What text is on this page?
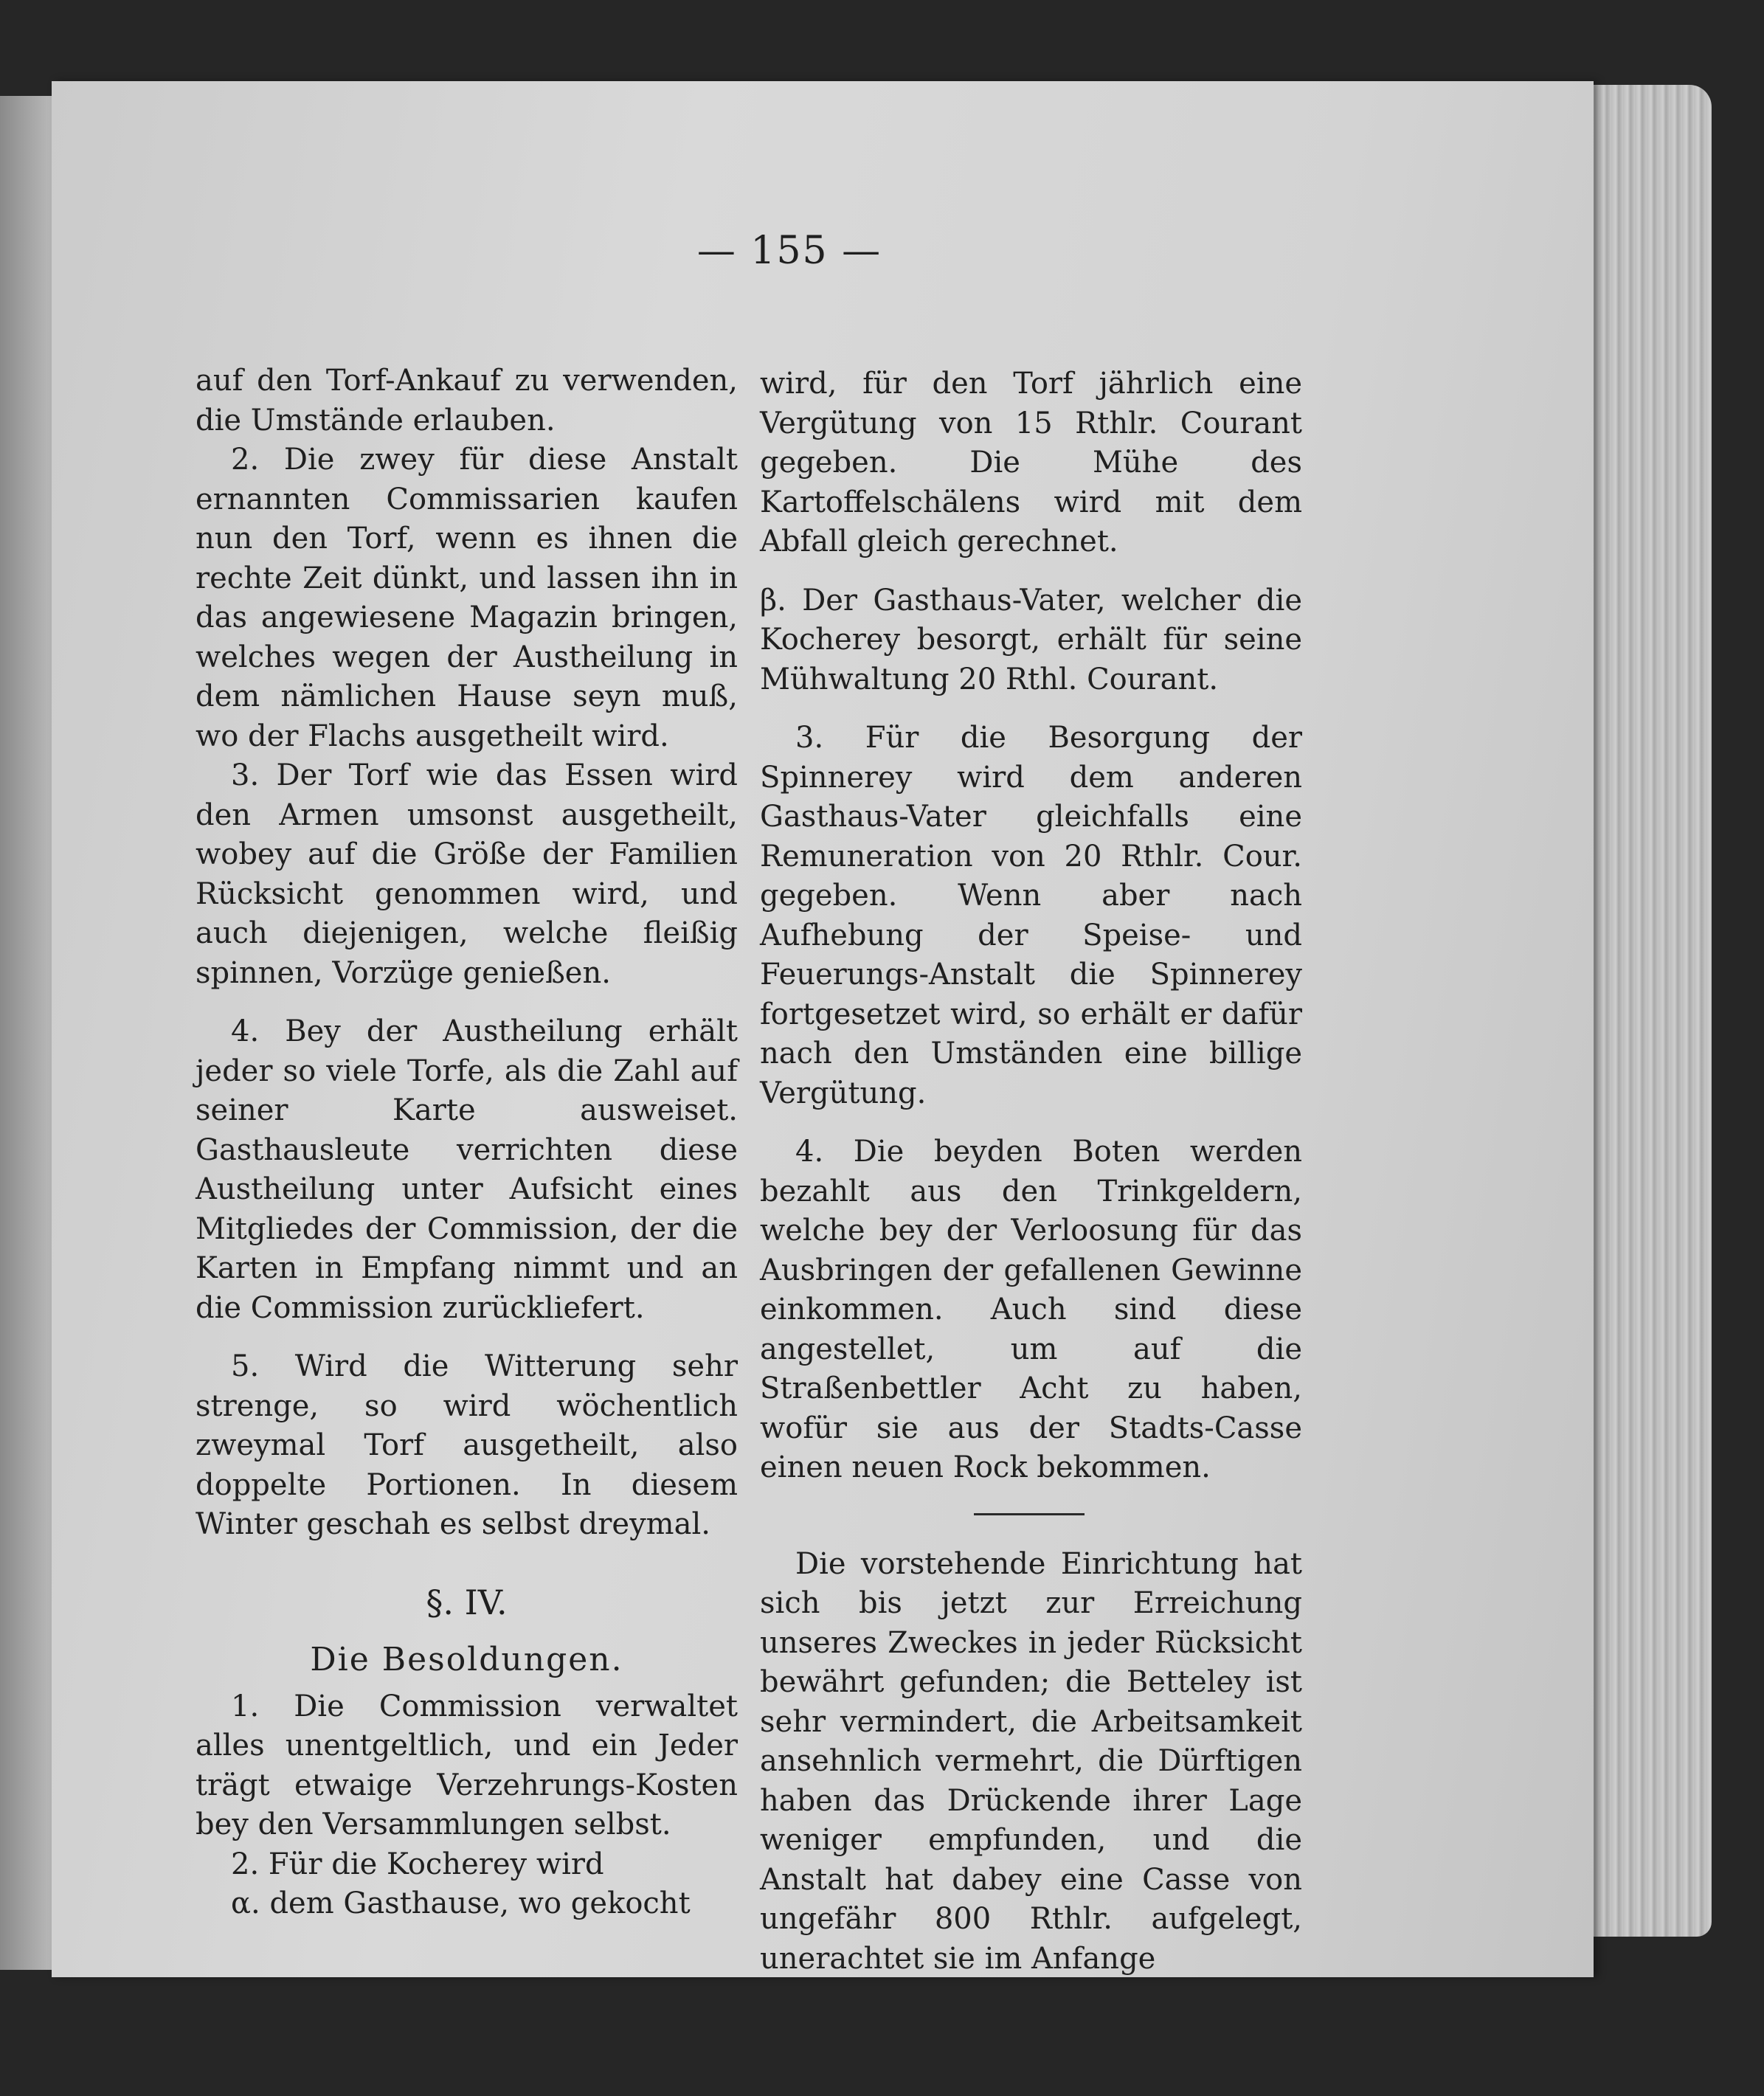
— 155 —

auf den Torf-Ankauf zu verwenden, die Umstände erlauben.

2. Die zwey für diese Anstalt ernannten Commissarien kaufen nun den Torf, wenn es ihnen die rechte Zeit dünkt, und lassen ihn in das angewiesene Magazin bringen, welches wegen der Austheilung in dem nämlichen Hause seyn muß, wo der Flachs ausgetheilt wird.

3. Der Torf wie das Essen wird den Armen umsonst ausgetheilt, wobey auf die Größe der Familien Rücksicht genommen wird, und auch diejenigen, welche fleißig spinnen, Vorzüge genießen.

4. Bey der Austheilung erhält jeder so viele Torfe, als die Zahl auf seiner Karte ausweiset. Gasthausleute verrichten diese Austheilung unter Aufsicht eines Mitgliedes der Commission, der die Karten in Empfang nimmt und an die Commission zurückliefert.

5. Wird die Witterung sehr strenge, so wird wöchentlich zweymal Torf ausgetheilt, also doppelte Portionen. In diesem Winter geschah es selbst dreymal.

§. IV.
Die Besoldungen.

1. Die Commission verwaltet alles unentgeltlich, und ein Jeder trägt etwaige Verzehrungs-Kosten bey den Versammlungen selbst.

2. Für die Kocherey wird

α. dem Gasthause, wo gekocht

wird, für den Torf jährlich eine Vergütung von 15 Rthlr. Courant gegeben. Die Mühe des Kartoffelschälens wird mit dem Abfall gleich gerechnet.

β. Der Gasthaus-Vater, welcher die Kocherey besorgt, erhält für seine Mühwaltung 20 Rthl. Courant.

3. Für die Besorgung der Spinnerey wird dem anderen Gasthaus-Vater gleichfalls eine Remuneration von 20 Rthlr. Cour. gegeben. Wenn aber nach Aufhebung der Speise- und Feuerungs-Anstalt die Spinnerey fortgesetzet wird, so erhält er dafür nach den Umständen eine billige Vergütung.

4. Die beyden Boten werden bezahlt aus den Trinkgeldern, welche bey der Verloosung für das Ausbringen der gefallenen Gewinne einkommen. Auch sind diese angestellet, um auf die Straßenbettler Acht zu haben, wofür sie aus der Stadts-Casse einen neuen Rock bekommen.

Die vorstehende Einrichtung hat sich bis jetzt zur Erreichung unseres Zweckes in jeder Rücksicht bewährt gefunden; die Betteley ist sehr vermindert, die Arbeitsamkeit ansehnlich vermehrt, die Dürftigen haben das Drückende ihrer Lage weniger empfunden, und die Anstalt hat dabey eine Casse von ungefähr 800 Rthlr. aufgelegt, unerachtet sie im Anfange
